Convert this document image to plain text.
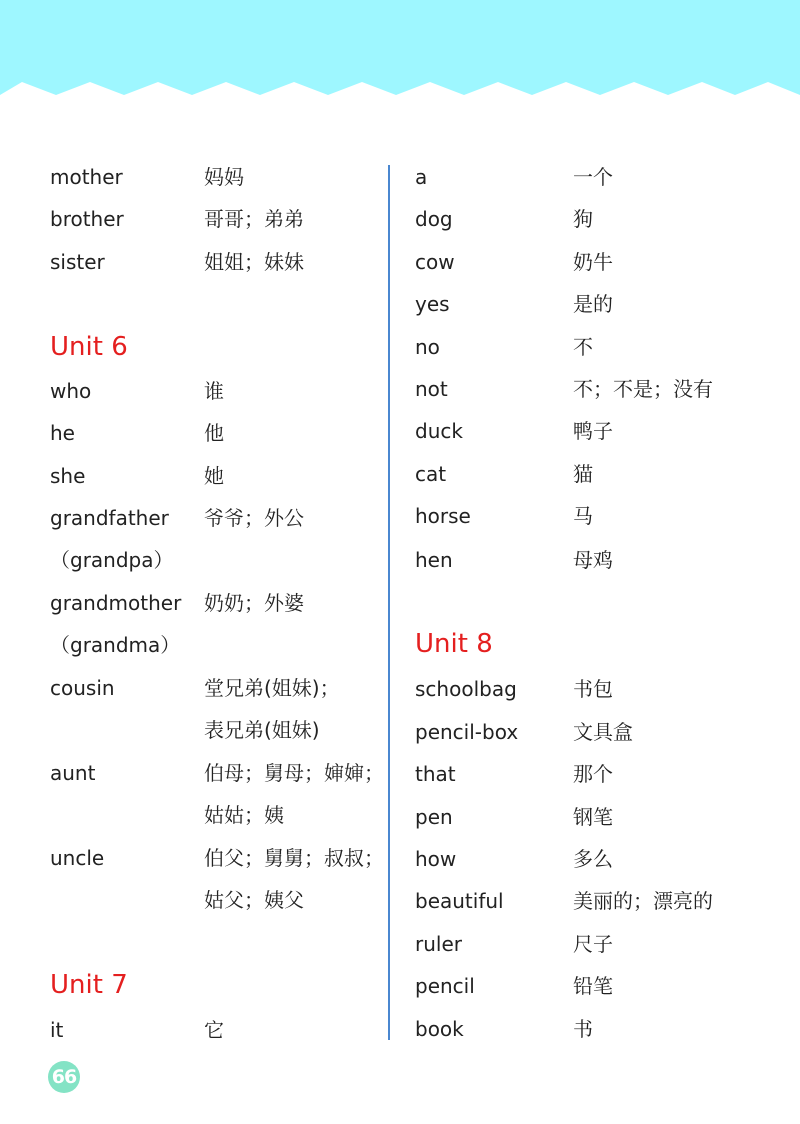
mother	妈妈
brother	哥哥；弟弟
sister	姐姐；妹妹
Unit 6
who	谁
he	他
she	她
grandfather 爷爷；外公
（grandpa）
grandmother 奶奶；外婆
（grandma）
cousin	堂兄弟(姐妹)；
表兄弟(姐妹)
aunt	伯母；舅母；婶婶；
姑姑；姨
uncle	伯父；舅舅；叔叔；
姑父；姨父
Unit 7
it	它
a	一个
dog	狗
cow	奶牛
yes	是的
no	不
not	不；不是；没有
duck	鸭子
cat	猫
horse	马
hen	母鸡
Unit 8
schoolbag	书包
pencil-box	文具盒
that	那个
pen	钢笔
how	多么
beautiful	美丽的；漂亮的
ruler	尺子
pencil	铅笔
book	书
66
